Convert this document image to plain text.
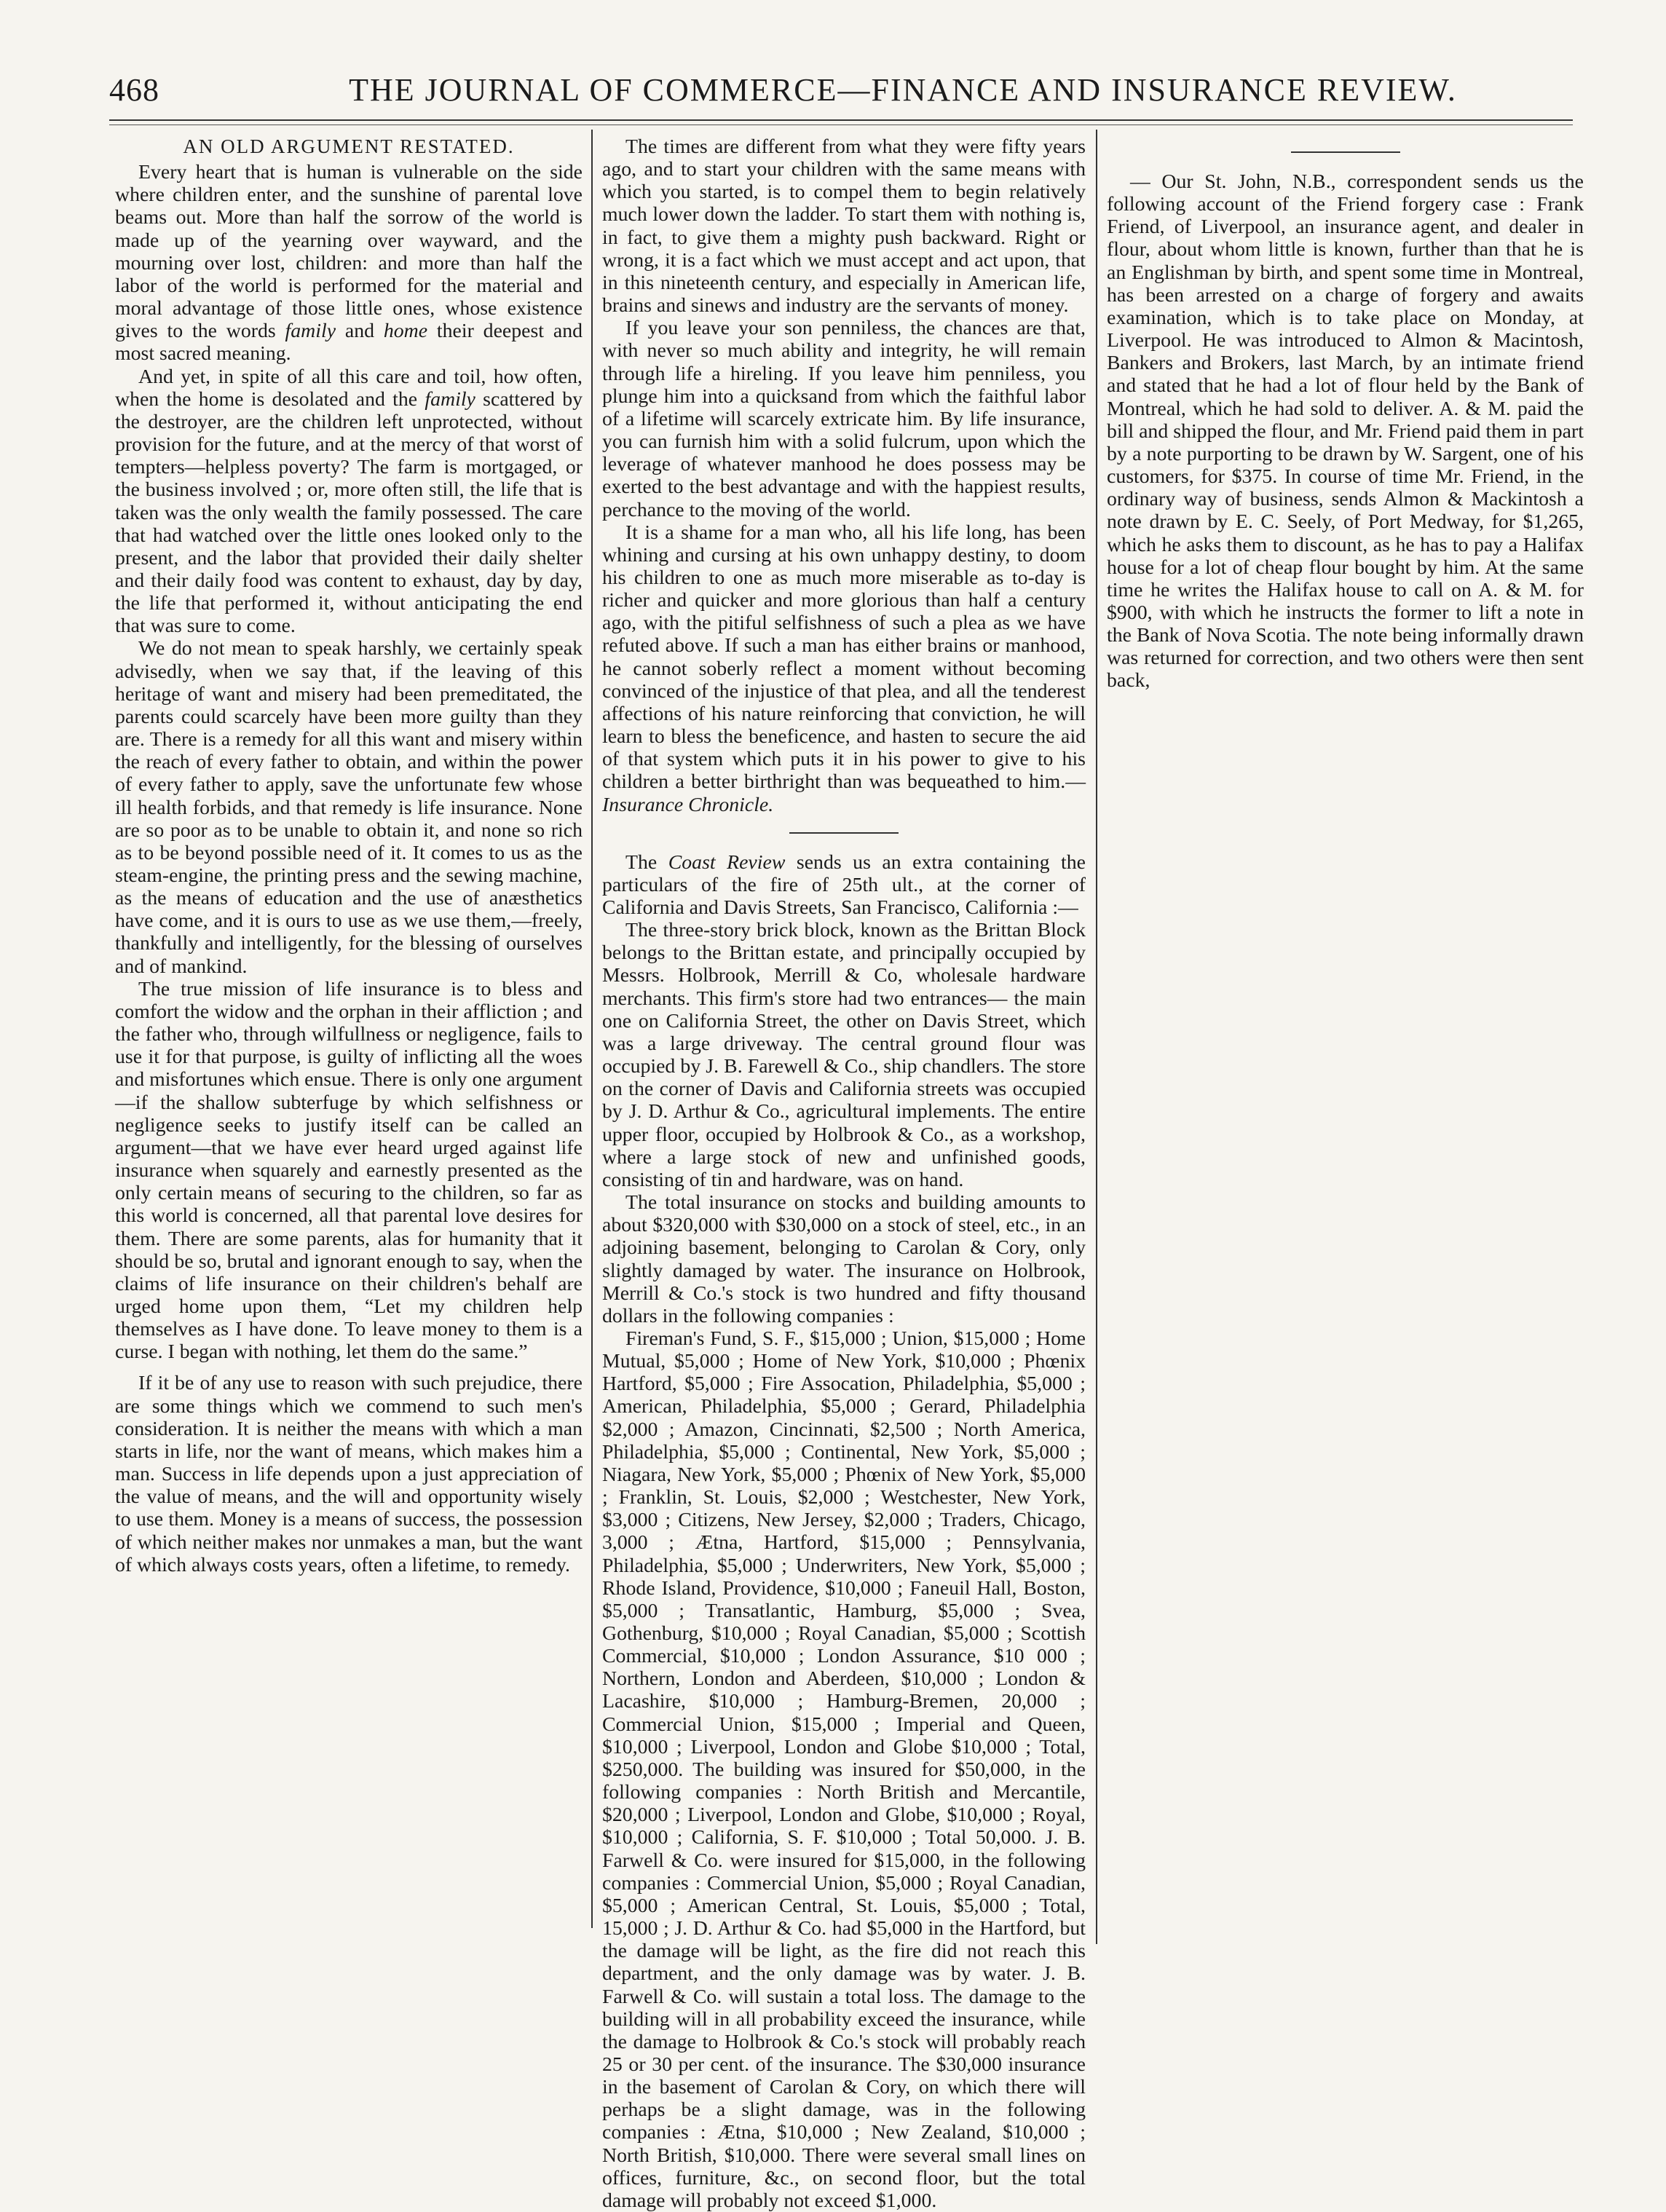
468	THE JOURNAL OF COMMERCE—FINANCE AND INSURANCE REVIEW.
AN OLD ARGUMENT RESTATED.

Every heart that is human is vulnerable on the side where children enter, and the sunshine of parental love beams out. More than half the sorrow of the world is made up of the yearning over wayward, and the mourning over lost, children: and more than half the labor of the world is performed for the material and moral advantage of those little ones, whose existence gives to the words family and home their deepest and most sacred meaning.

And yet, in spite of all this care and toil, how often, when the home is desolated and the family scattered by the destroyer, are the children left unprotected, without provision for the future, and at the mercy of that worst of tempters—helpless poverty? The farm is mortgaged, or the business involved ; or, more often still, the life that is taken was the only wealth the family possessed. The care that had watched over the little ones looked only to the present, and the labor that provided their daily shelter and their daily food was content to exhaust, day by day, the life that performed it, without anticipating the end that was sure to come.

We do not mean to speak harshly, we certainly speak advisedly, when we say that, if the leaving of this heritage of want and misery had been premeditated, the parents could scarcely have been more guilty than they are. There is a remedy for all this want and misery within the reach of every father to obtain, and within the power of every father to apply, save the unfortunate few whose ill health forbids, and that remedy is life insurance. None are so poor as to be unable to obtain it, and none so rich as to be beyond possible need of it. It comes to us as the steam-engine, the printing press and the sewing machine, as the means of education and the use of anæsthetics have come, and it is ours to use as we use them,—freely, thankfully and intelligently, for the blessing of ourselves and of mankind.

The true mission of life insurance is to bless and comfort the widow and the orphan in their affliction ; and the father who, through wilfullness or negligence, fails to use it for that purpose, is guilty of inflicting all the woes and misfortunes which ensue. There is only one argument—if the shallow subterfuge by which selfishness or negligence seeks to justify itself can be called an argument—that we have ever heard urged against life insurance when squarely and earnestly presented as the only certain means of securing to the children, so far as this world is concerned, all that parental love desires for them. There are some parents, alas for humanity that it should be so, brutal and ignorant enough to say, when the claims of life insurance on their children's behalf are urged home upon them, “Let my children help themselves as I have done. To leave money to them is a curse. I began with nothing, let them do the same.”

If it be of any use to reason with such prejudice, there are some things which we commend to such men's consideration. It is neither the means with which a man starts in life, nor the want of means, which makes him a man. Success in life depends upon a just appreciation of the value of means, and the will and opportunity wisely to use them. Money is a means of success, the possession of which neither makes nor unmakes a man, but the want of which always costs years, often a lifetime, to remedy.

The times are different from what they were fifty years ago, and to start your children with the same means with which you started, is to compel them to begin relatively much lower down the ladder. To start them with nothing is, in fact, to give them a mighty push backward. Right or wrong, it is a fact which we must accept and act upon, that in this nineteenth century, and especially in American life, brains and sinews and industry are the servants of money.

If you leave your son penniless, the chances are that, with never so much ability and integrity, he will remain through life a hireling. If you leave him penniless, you plunge him into a quicksand from which the faithful labor of a lifetime will scarcely extricate him. By life insurance, you can furnish him with a solid fulcrum, upon which the leverage of whatever manhood he does possess may be exerted to the best advantage and with the happiest results, perchance to the moving of the world.

It is a shame for a man who, all his life long, has been whining and cursing at his own unhappy destiny, to doom his children to one as much more miserable as to-day is richer and quicker and more glorious than half a century ago, with the pitiful selfishness of such a plea as we have refuted above. If such a man has either brains or manhood, he cannot soberly reflect a moment without becoming convinced of the injustice of that plea, and all the tenderest affections of his nature reinforcing that conviction, he will learn to bless the beneficence, and hasten to secure the aid of that system which puts it in his power to give to his children a better birthright than was bequeathed to him.—Insurance Chronicle.

The Coast Review sends us an extra containing the particulars of the fire of 25th ult., at the corner of California and Davis Streets, San Francisco, California :—

The three-story brick block, known as the Brittan Block belongs to the Brittan estate, and principally occupied by Messrs. Holbrook, Merrill & Co, wholesale hardware merchants. This firm's store had two entrances— the main one on California Street, the other on Davis Street, which was a large driveway. The central ground flour was occupied by J. B. Farewell & Co., ship chandlers. The store on the corner of Davis and California streets was occupied by J. D. Arthur & Co., agricultural implements. The entire upper floor, occupied by Holbrook & Co., as a workshop, where a large stock of new and unfinished goods, consisting of tin and hardware, was on hand.

The total insurance on stocks and building amounts to about $320,000 with $30,000 on a stock of steel, etc., in an adjoining basement, belonging to Carolan & Cory, only slightly damaged by water. The insurance on Holbrook, Merrill & Co.'s stock is two hundred and fifty thousand dollars in the following companies :

Fireman's Fund, S. F., $15,000 ; Union, $15,000 ; Home Mutual, $5,000 ; Home of New York, $10,000 ; Phœnix Hartford, $5,000 ; Fire Assocation, Philadelphia, $5,000 ; American, Philadelphia, $5,000 ; Gerard, Philadelphia $2,000 ; Amazon, Cincinnati, $2,500 ; North America, Philadelphia, $5,000 ; Continental, New York, $5,000 ; Niagara, New York, $5,000 ; Phœnix of New York, $5,000 ; Franklin, St. Louis, $2,000 ; Westchester, New York, $3,000 ; Citizens, New Jersey, $2,000 ; Traders, Chicago, 3,000 ; Ætna, Hartford, $15,000 ; Pennsylvania, Philadelphia, $5,000 ; Underwriters, New York, $5,000 ; Rhode Island, Providence, $10,000 ; Faneuil Hall, Boston, $5,000 ; Transatlantic, Hamburg, $5,000 ; Svea, Gothenburg, $10,000 ; Royal Canadian, $5,000 ; Scottish Commercial, $10,000 ; London Assurance, $10 000 ; Northern, London and Aberdeen, $10,000 ; London & Lacashire, $10,000 ; Hamburg-Bremen, 20,000 ; Commercial Union, $15,000 ; Imperial and Queen, $10,000 ; Liverpool, London and Globe $10,000 ; Total, $250,000. The building was insured for $50,000, in the following companies : North British and Mercantile, $20,000 ; Liverpool, London and Globe, $10,000 ; Royal, $10,000 ; California, S. F. $10,000 ; Total 50,000. J. B. Farwell & Co. were insured for $15,000, in the following companies : Commercial Union, $5,000 ; Royal Canadian, $5,000 ; American Central, St. Louis, $5,000 ; Total, 15,000 ; J. D. Arthur & Co. had $5,000 in the Hartford, but the damage will be light, as the fire did not reach this department, and the only damage was by water. J. B. Farwell & Co. will sustain a total loss. The damage to the building will in all probability exceed the insurance, while the damage to Holbrook & Co.'s stock will probably reach 25 or 30 per cent. of the insurance. The $30,000 insurance in the basement of Carolan & Cory, on which there will perhaps be a slight damage, was in the following companies : Ætna, $10,000 ; New Zealand, $10,000 ; North British, $10,000. There were several small lines on offices, furniture, &c., on second floor, but the total damage will probably not exceed $1,000.

— Our St. John, N.B., correspondent sends us the following account of the Friend forgery case : Frank Friend, of Liverpool, an insurance agent, and dealer in flour, about whom little is known, further than that he is an Englishman by birth, and spent some time in Montreal, has been arrested on a charge of forgery and awaits examination, which is to take place on Monday, at Liverpool. He was introduced to Almon & Macintosh, Bankers and Brokers, last March, by an intimate friend and stated that he had a lot of flour held by the Bank of Montreal, which he had sold to deliver. A. & M. paid the bill and shipped the flour, and Mr. Friend paid them in part by a note purporting to be drawn by W. Sargent, one of his customers, for $375. In course of time Mr. Friend, in the ordinary way of business, sends Almon & Mackintosh a note drawn by E. C. Seely, of Port Medway, for $1,265, which he asks them to discount, as he has to pay a Halifax house for a lot of cheap flour bought by him. At the same time he writes the Halifax house to call on A. & M. for $900, with which he instructs the former to lift a note in the Bank of Nova Scotia. The note being informally drawn was returned for correction, and two others were then sent back,
